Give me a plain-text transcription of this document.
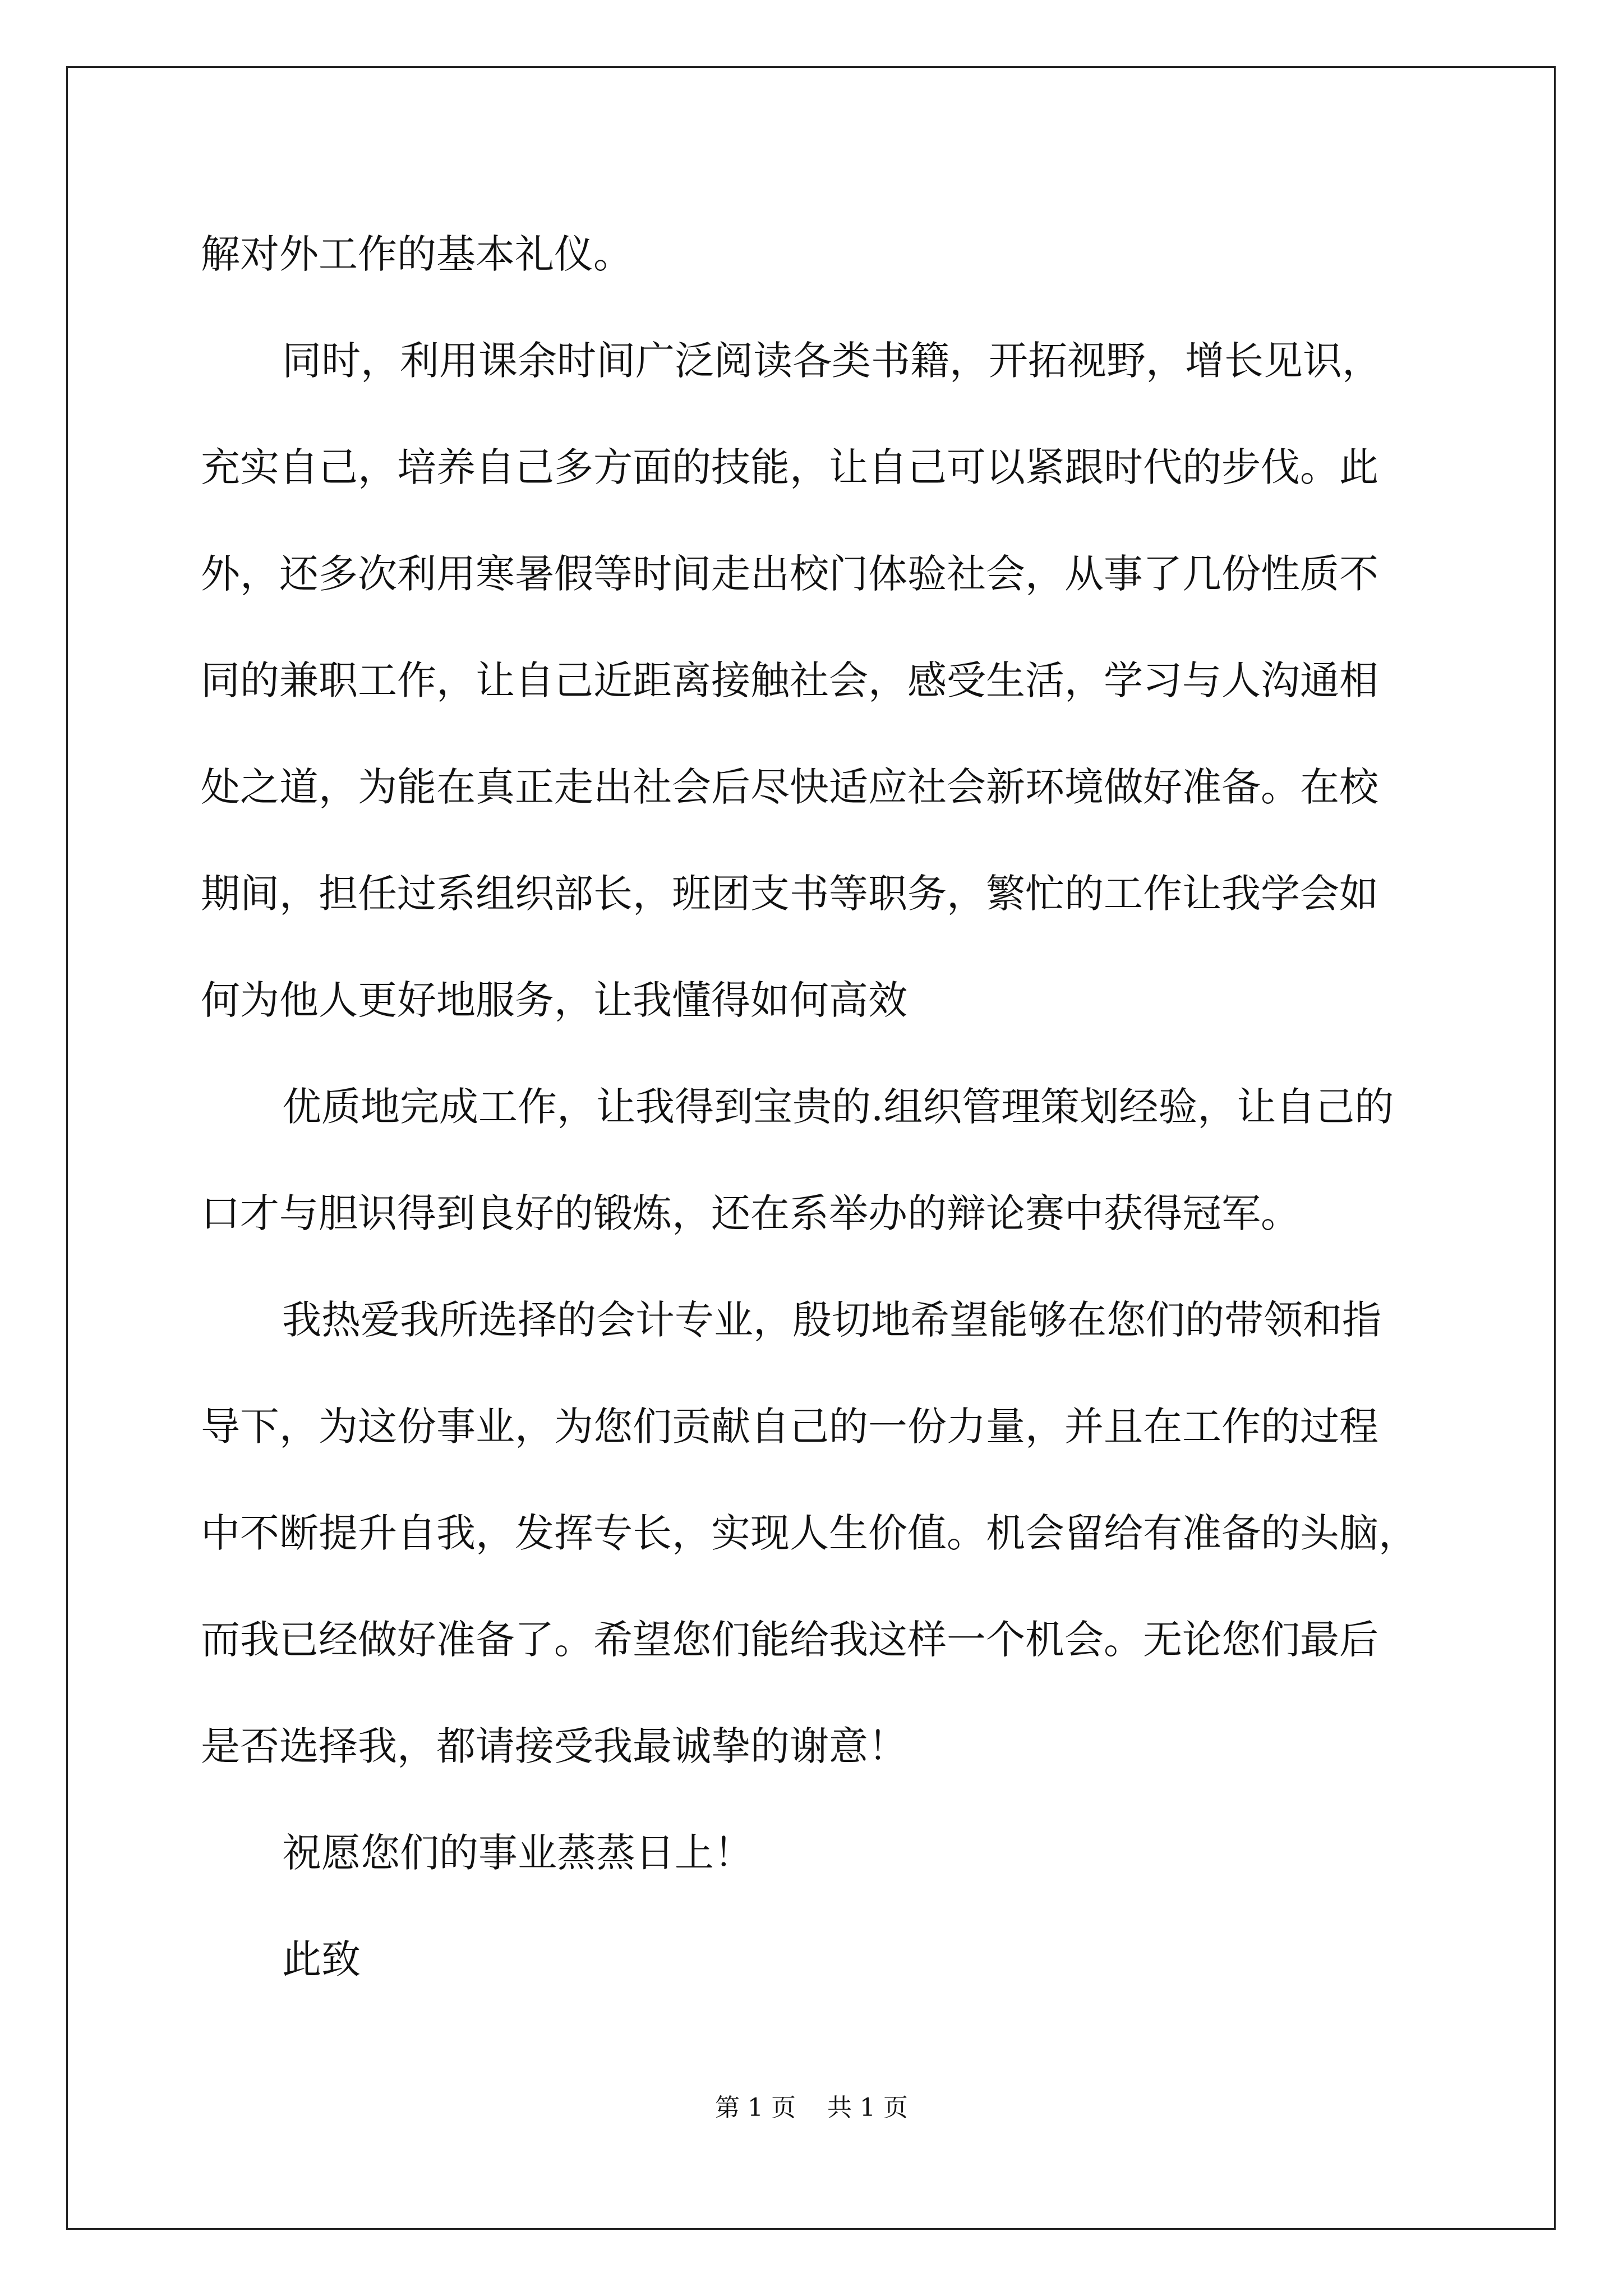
解对外工作的基本礼仪。
同时，利用课余时间广泛阅读各类书籍，开拓视野，增长见识，
充实自己，培养自己多方面的技能，让自己可以紧跟时代的步伐。此
外，还多次利用寒暑假等时间走出校门体验社会，从事了几份性质不
同的兼职工作，让自己近距离接触社会，感受生活，学习与人沟通相
处之道，为能在真正走出社会后尽快适应社会新环境做好准备。在校
期间，担任过系组织部长，班团支书等职务，繁忙的工作让我学会如
何为他人更好地服务，让我懂得如何高效
优质地完成工作，让我得到宝贵的.组织管理策划经验，让自己的
口才与胆识得到良好的锻炼，还在系举办的辩论赛中获得冠军。
我热爱我所选择的会计专业，殷切地希望能够在您们的带领和指
导下，为这份事业，为您们贡献自己的一份力量，并且在工作的过程
中不断提升自我，发挥专长，实现人生价值。机会留给有准备的头脑，
而我已经做好准备了。希望您们能给我这样一个机会。无论您们最后
是否选择我，都请接受我最诚挚的谢意！
祝愿您们的事业蒸蒸日上！
此致
第 1 页    共 1 页
